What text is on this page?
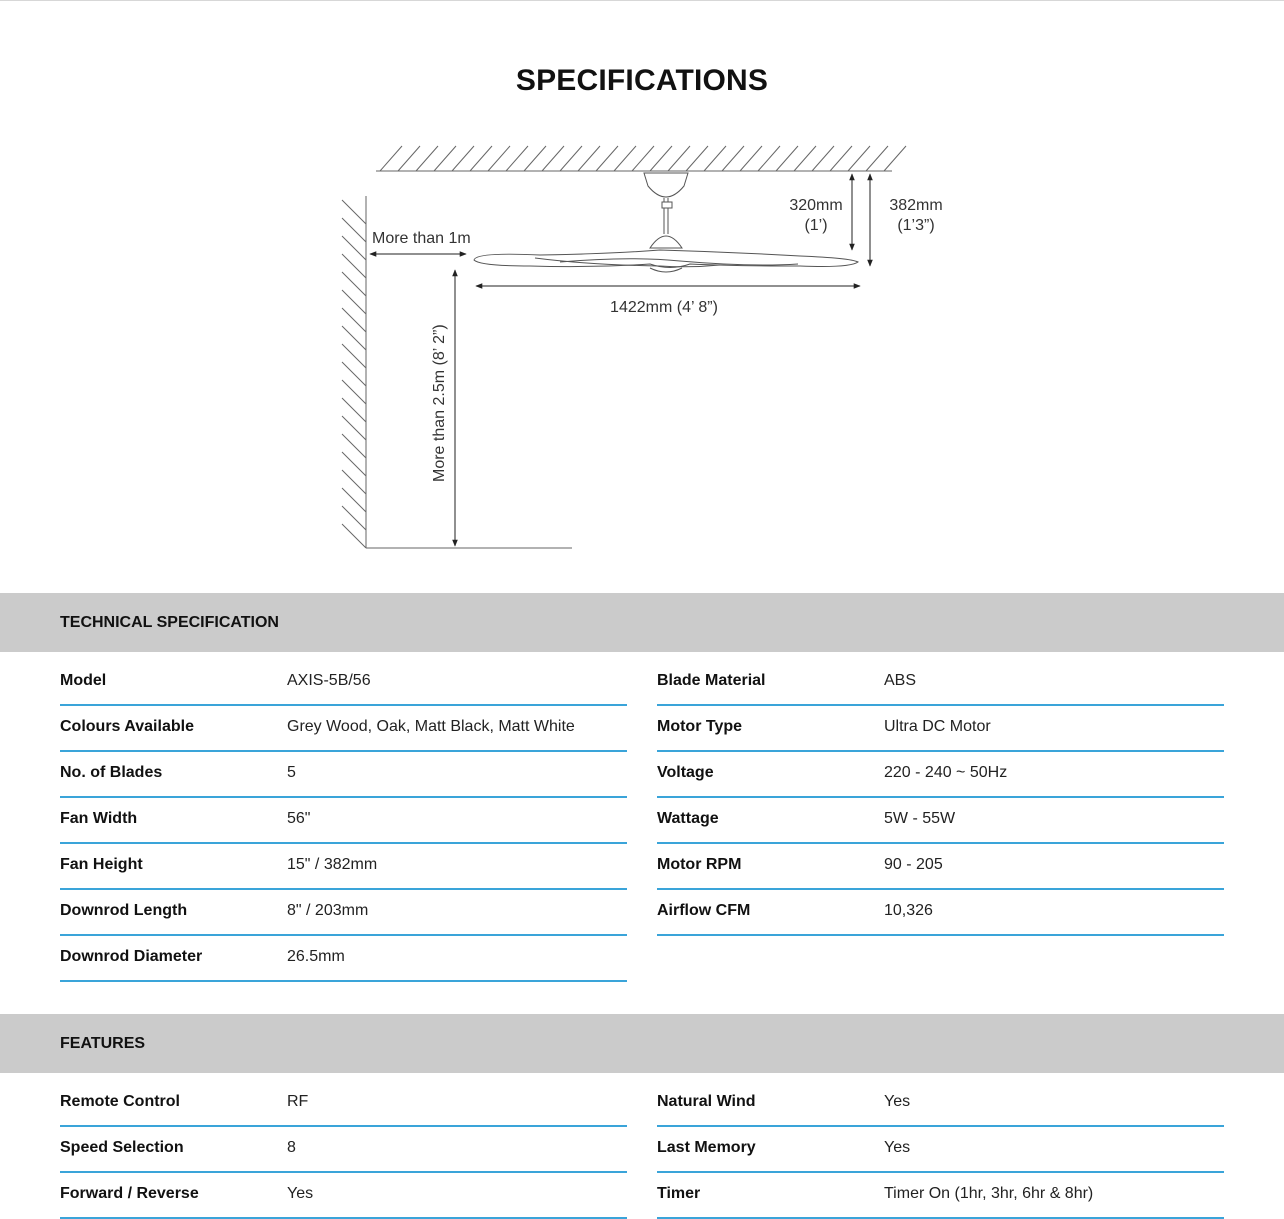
SPECIFICATIONS
More than 1m
More than 2.5m (8’ 2”)
1422mm (4’ 8”)
320mm
(1’)
382mm
(1’3”)
TECHNICAL SPECIFICATION
Model	AXIS-5B/56
Colours Available	Grey Wood, Oak, Matt Black, Matt White
No. of Blades	5
Fan Width	56"
Fan Height	15" / 382mm
Downrod Length	8" / 203mm
Downrod Diameter	26.5mm
Blade Material	ABS
Motor Type	Ultra DC Motor
Voltage	220 - 240 ~ 50Hz
Wattage	5W - 55W
Motor RPM	90 - 205
Airflow CFM	10,326
FEATURES
Remote Control	RF
Speed Selection	8
Forward / Reverse	Yes
Natural Wind	Yes
Last Memory	Yes
Timer	Timer On (1hr, 3hr, 6hr & 8hr)
